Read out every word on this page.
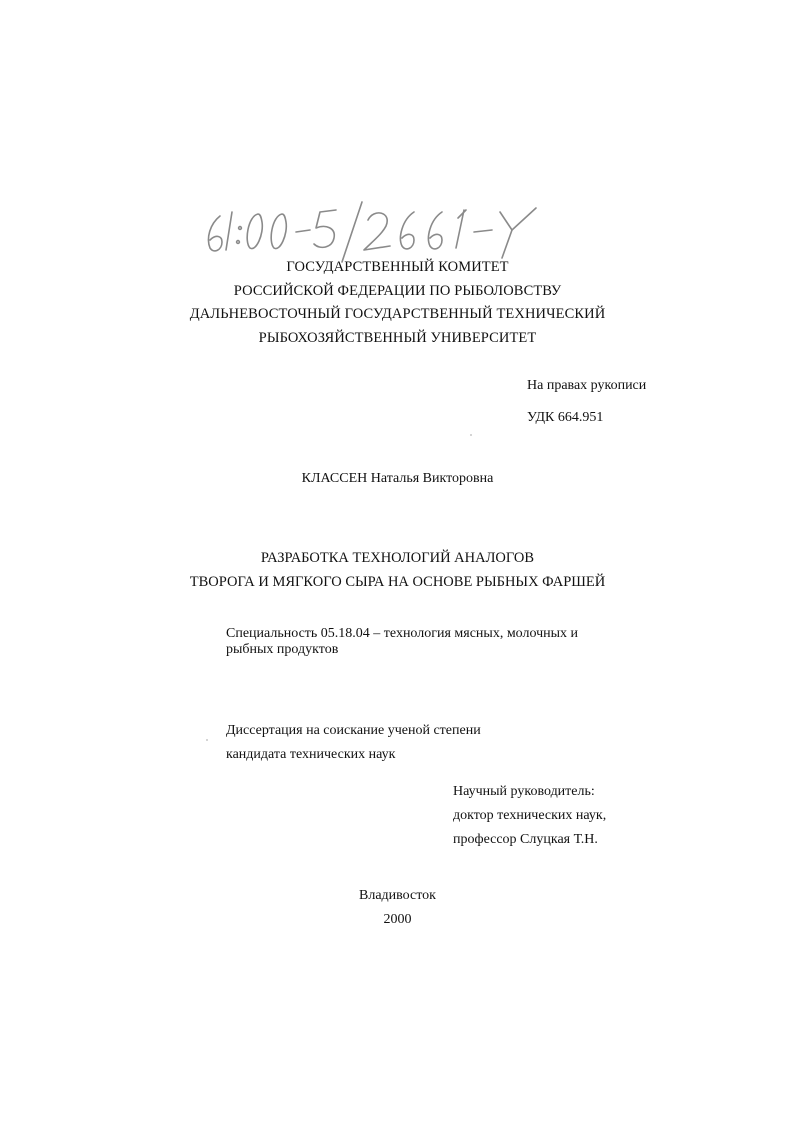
ГОСУДАРСТВЕННЫЙ КОМИТЕТ
РОССИЙСКОЙ ФЕДЕРАЦИИ ПО РЫБОЛОВСТВУ
ДАЛЬНЕВОСТОЧНЫЙ ГОСУДАРСТВЕННЫЙ ТЕХНИЧЕСКИЙ
РЫБОХОЗЯЙСТВЕННЫЙ УНИВЕРСИТЕТ
На правах рукописи
УДК 664.951
КЛАССЕН Наталья Викторовна
РАЗРАБОТКА ТЕХНОЛОГИЙ АНАЛОГОВ
ТВОРОГА И МЯГКОГО СЫРА НА ОСНОВЕ РЫБНЫХ ФАРШЕЙ
Специальность 05.18.04 – технология мясных, молочных и рыбных продуктов
Диссертация на соискание ученой степени
кандидата технических наук
Научный руководитель:
доктор технических наук,
профессор Слуцкая Т.Н.
Владивосток
2000
